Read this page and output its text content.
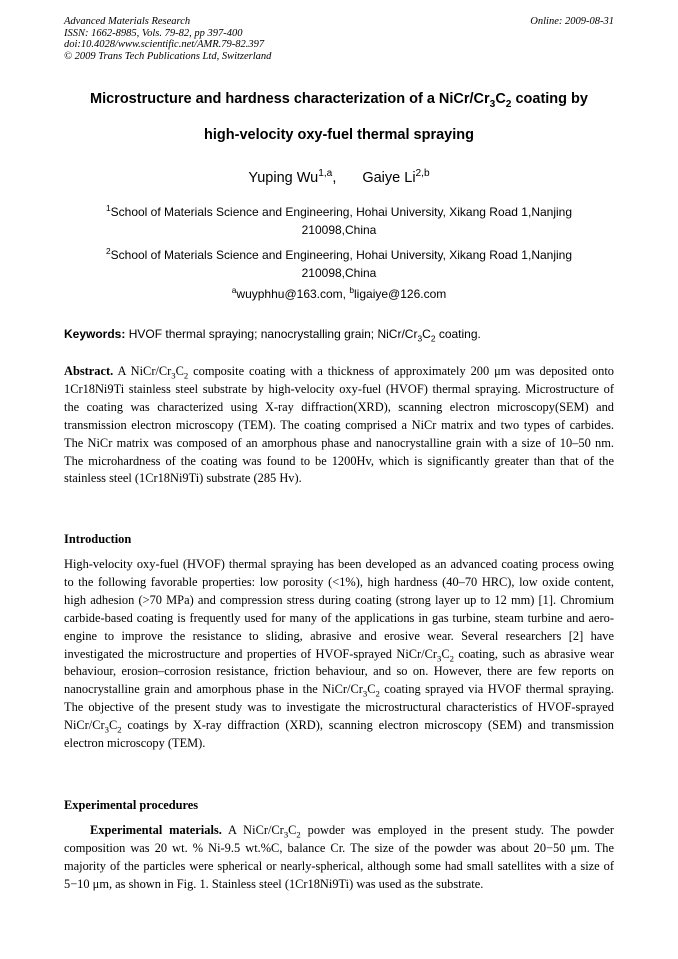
Advanced Materials Research
ISSN: 1662-8985, Vols. 79-82, pp 397-400
doi:10.4028/www.scientific.net/AMR.79-82.397
© 2009 Trans Tech Publications Ltd, Switzerland
Online: 2009-08-31
Microstructure and hardness characterization of a NiCr/$Cr_3C_2$ coating by
high-velocity oxy-fuel thermal spraying
Yuping Wu$^{1,a}$, Gaiye Li$^{2,b}$
$^1$School of Materials Science and Engineering, Hohai University, Xikang Road 1,Nanjing 210098,China
$^2$School of Materials Science and Engineering, Hohai University, Xikang Road 1,Nanjing 210098,China
$^a$wuyphhu@163.com, $^b$ligaiye@126.com
Keywords: HVOF thermal spraying; nanocrystalling grain; NiCr/$Cr_3C_2$ coating.
Abstract. A NiCr/$Cr_3C_2$ composite coating with a thickness of approximately 200 μm was deposited onto 1Cr18Ni9Ti stainless steel substrate by high-velocity oxy-fuel (HVOF) thermal spraying. Microstructure of the coating was characterized using X-ray diffraction(XRD), scanning electron microscopy(SEM) and transmission electron microscopy (TEM). The coating comprised a NiCr matrix and two types of carbides. The NiCr matrix was composed of an amorphous phase and nanocrystalline grain with a size of 10–50 nm. The microhardness of the coating was found to be 1200Hv, which is significantly greater than that of the stainless steel (1Cr18Ni9Ti) substrate (285 Hv).
Introduction
High-velocity oxy-fuel (HVOF) thermal spraying has been developed as an advanced coating process owing to the following favorable properties: low porosity (<1%), high hardness (40–70 HRC), low oxide content, high adhesion (>70 MPa) and compression stress during coating (strong layer up to 12 mm) [1]. Chromium carbide-based coating is frequently used for many of the applications in gas turbine, steam turbine and aero-engine to improve the resistance to sliding, abrasive and erosive wear. Several researchers [2] have investigated the microstructure and properties of HVOF-sprayed NiCr/$Cr_3C_2$ coating, such as abrasive wear behaviour, erosion–corrosion resistance, friction behaviour, and so on. However, there are few reports on nanocrystalline grain and amorphous phase in the NiCr/$Cr_3C_2$ coating sprayed via HVOF thermal spraying. The objective of the present study was to investigate the microstructural characteristics of HVOF-sprayed NiCr/$Cr_3C_2$ coatings by X-ray diffraction (XRD), scanning electron microscopy (SEM) and transmission electron microscopy (TEM).
Experimental procedures
Experimental materials. A NiCr/$Cr_3C_2$ powder was employed in the present study. The powder composition was 20 wt. % Ni-9.5 wt.%C, balance Cr. The size of the powder was about 20−50 μm. The majority of the particles were spherical or nearly-spherical, although some had small satellites with a size of 5−10 μm, as shown in Fig. 1. Stainless steel (1Cr18Ni9Ti) was used as the substrate.
